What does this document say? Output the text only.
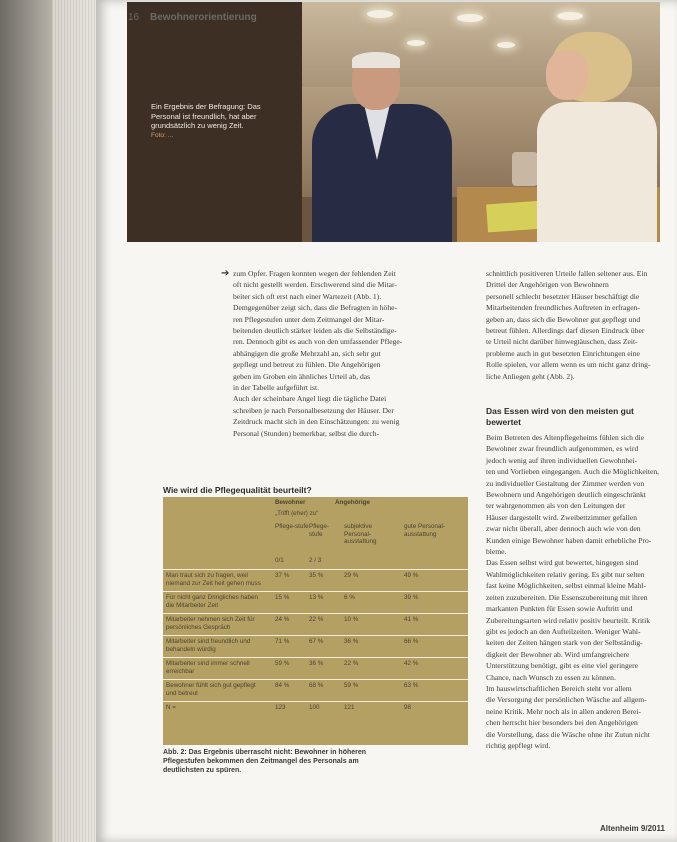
16 Bewohnerorientierung
Ein Ergebnis der Befragung: Das Personal ist freundlich, hat aber grundsätzlich zu wenig Zeit.
Foto: ...
➔ zum Opfer. Fragen konnten wegen der fehlenden Zeit
oft nicht gestellt werden. Erschwerend sind die Mitar-
beiter sich oft erst nach einer Wartezeit (Abb. 1).
Demgegenüber zeigt sich, dass die Befragten in höhe-
ren Pflegestufen unter dem Zeitmangel der Mitar-
beitenden deutlich stärker leiden als die Selbständige-
ren. Dennoch gibt es auch von den umfassender Pflege-
abhängigen die große Mehrzahl an, sich sehr gut
gepflegt und betreut zu fühlen. Die Angehörigen
geben im Groben ein ähnliches Urteil ab, das
in der Tabelle aufgeführt ist.
Auch der scheinbare Angel liegt die tägliche Datei
schreiben je nach Personalbesetzung der Häuser. Der
Zeitdruck macht sich in den Einschätzungen: zu wenig
Personal (Stunden) bemerkbar, selbst die durch-
schnittlich positiveren Urteile fallen seltener aus. Ein
Drittel der Angehörigen von Bewohnern
personell schlecht besetzter Häuser beschäftigt die
Mitarbeitenden freundliches Auftreten in erfragen-
geben an, dass sich die Bewohner gut gepflegt und
betreut fühlen. Allerdings darf diesen Eindruck über
te Urteil nicht darüber hinwegtäuschen, dass Zeit-
probleme auch in gut besetzten Einrichtungen eine
Rolle spielen, vor allem wenn es um nicht ganz dring-
liche Anliegen geht (Abb. 2).
Das Essen wird von den meisten gut bewertet
Beim Betreten des Altenpflegeheims fühlen sich die
Bewohner zwar freundlich aufgenommen, es wird
jedoch wenig auf ihren individuellen Gewohnhei-
ten und Vorlieben eingegangen. Auch die Möglichkeiten,
zu individueller Gestaltung der Zimmer werden von
Bewohnern und Angehörigen deutlich eingeschränkt
ter wahrgenommen als von den Leitungen der
Häuser dargestellt wird. Zweibettzimmer gefallen
zwar nicht überall, aber dennoch auch wie von den
Kunden einige Bewohner haben damit erhebliche Pro-
bleme.
Das Essen selbst wird gut bewertet, hingegen sind
Wahlmöglichkeiten relativ gering. Es gibt nur selten
fast keine Möglichkeiten, selbst einmal kleine Mahl-
zeiten zuzubereiten. Die Essenszubereitung mit ihren
markanten Punkten für Essen sowie Auftritt und
Zubereitungsarten wird relativ positiv beurteilt. Kritik
gibt es jedoch an den Aufteilzeiten. Weniger Wahl-
keiten der Zeiten hängen stark von der Selbständig-
digkeit der Bewohner ab. Wird umfangreichere
Unterstützung benötigt, gibt es eine viel geringere
Chance, nach Wunsch zu essen zu können.
Im hauswirtschaftlichen Bereich steht vor allem
die Versorgung der persönlichen Wäsche auf allgem-
neine Kritik. Mehr noch als in allen anderen Berei-
chen herrscht hier besonders bei den Angehörigen
die Vorstellung, dass die Wäsche ohne ihr Zutun nicht
richtig gepflegt wird.
Wie wird die Pflegequalität beurteilt?
Bewohner	Angehörige
„Trifft (eher) zu“
Pflege-stufe Pflege-stufe
subjektive Personal-ausstattung
gute Personal-ausstattung
0/1	2 / 3
Man traut sich zu fragen, weil niemand zur Zeit heit gehen muss
37 %	35 %	29 %	49 %
Für nicht ganz Dringliches haben die Mitarbeiter Zeit
15 %	13 %	6 %	39 %
Mitarbeiter nehmen sich Zeit für persönliches Gespräch
24 %	22 %	10 %	41 %
Mitarbeiter sind freundlich und behandeln würdig
71 %	67 %	36 %	66 %
Mitarbeiter sind immer schnell erreichbar
59 %	36 %	22 %	42 %
Bewohner fühlt sich gut gepflegt und betreut
84 %	68 %	59 %	63 %
N =	123	100	121	98
Abb. 2: Das Ergebnis überrascht nicht: Bewohner in höheren Pflegestufen bekommen den Zeitmangel des Personals am deutlichsten zu spüren.
Altenheim 9/2011
